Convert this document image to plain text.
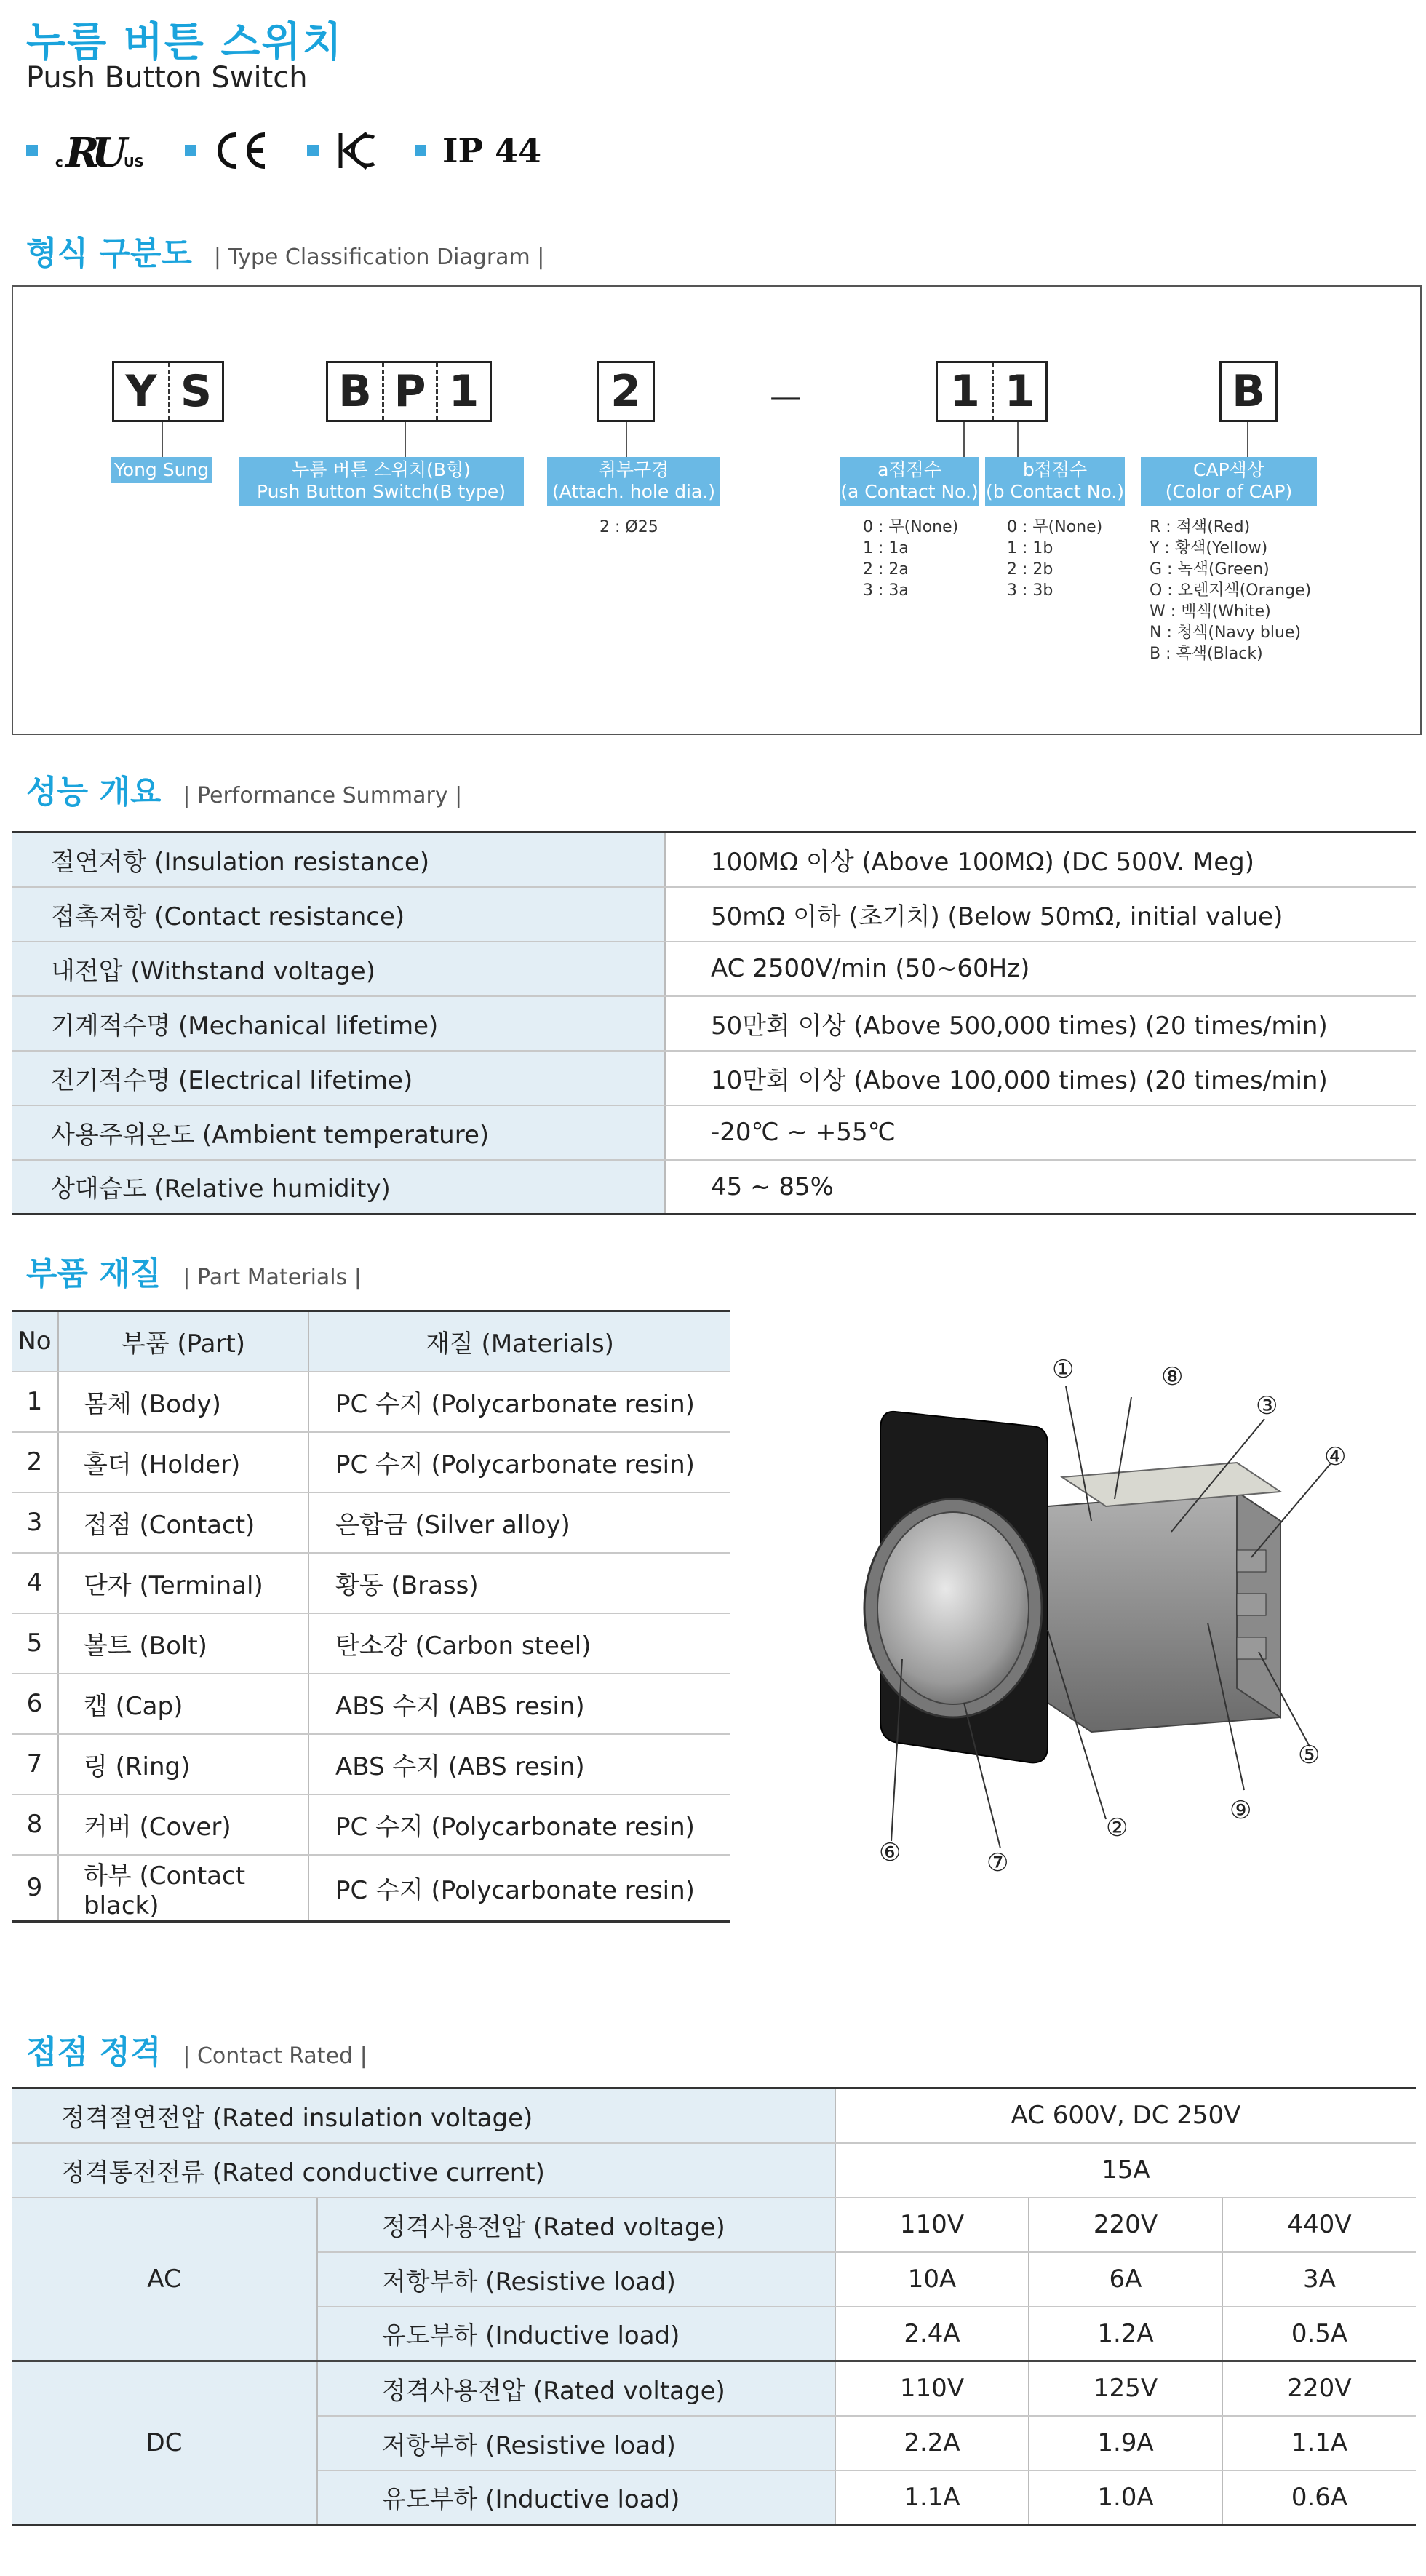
누름 버튼 스위치
Push Button Switch
c R
U
US	IP 44
형식 구분도 | Type Classification Diagram |
Y S	B P 1	2	—	1 1	B
Yong Sung	누름 버튼 스위치(B형)
Push Button Switch(B type)
취부구경
(Attach. hole dia.)
a접점수
(a Contact No.)
b접점수
(b Contact No.)
CAP색상
(Color of CAP)
2 : Ø25	0 : 무(None)
1 : 1a
2 : 2a
3 : 3a
0 : 무(None)
1 : 1b
2 : 2b
3 : 3b
R : 적색(Red)
Y : 황색(Yellow)
G : 녹색(Green)
O : 오렌지색(Orange)
W : 백색(White)
N : 청색(Navy blue)
B : 흑색(Black)
성능 개요 | Performance Summary |
절연저항 (Insulation resistance)	100MΩ 이상 (Above 100MΩ) (DC 500V. Meg)
접촉저항 (Contact resistance)	50mΩ 이하 (초기치) (Below 50mΩ, initial value)
내전압 (Withstand voltage)	AC 2500V/min (50~60Hz)
기계적수명 (Mechanical lifetime)	50만회 이상 (Above 500,000 times) (20 times/min)
전기적수명 (Electrical lifetime)	10만회 이상 (Above 100,000 times) (20 times/min)
사용주위온도 (Ambient temperature)	-20℃ ~ +55℃
상대습도 (Relative humidity)	45 ~ 85%
부품 재질 | Part Materials |
No	부품 (Part)	재질 (Materials)
1	몸체 (Body)	PC 수지 (Polycarbonate resin)
2	홀더 (Holder)	PC 수지 (Polycarbonate resin)
3	접점 (Contact)	은합금 (Silver alloy)
4	단자 (Terminal)	황동 (Brass)
5	볼트 (Bolt)	탄소강 (Carbon steel)
6	캡 (Cap)	ABS 수지 (ABS resin)
7	링 (Ring)	ABS 수지 (ABS resin)
8	커버 (Cover)	PC 수지 (Polycarbonate resin)
9	하부 (Contact black)	PC 수지 (Polycarbonate resin)
①
②
③
④
⑤
⑥	⑦
⑧
⑨
접점 정격 | Contact Rated |
정격절연전압 (Rated insulation voltage)		AC 600V, DC 250V		
정격통전전류 (Rated conductive current)		15A		
AC	정격사용전압 (Rated voltage)	110V	220V	440V
	저항부하 (Resistive load)	10A	6A	3A
	유도부하 (Inductive load)	2.4A	1.2A	0.5A
DC	정격사용전압 (Rated voltage)	110V	125V	220V
	저항부하 (Resistive load)	2.2A	1.9A	1.1A
	유도부하 (Inductive load)	1.1A	1.0A	0.6A
